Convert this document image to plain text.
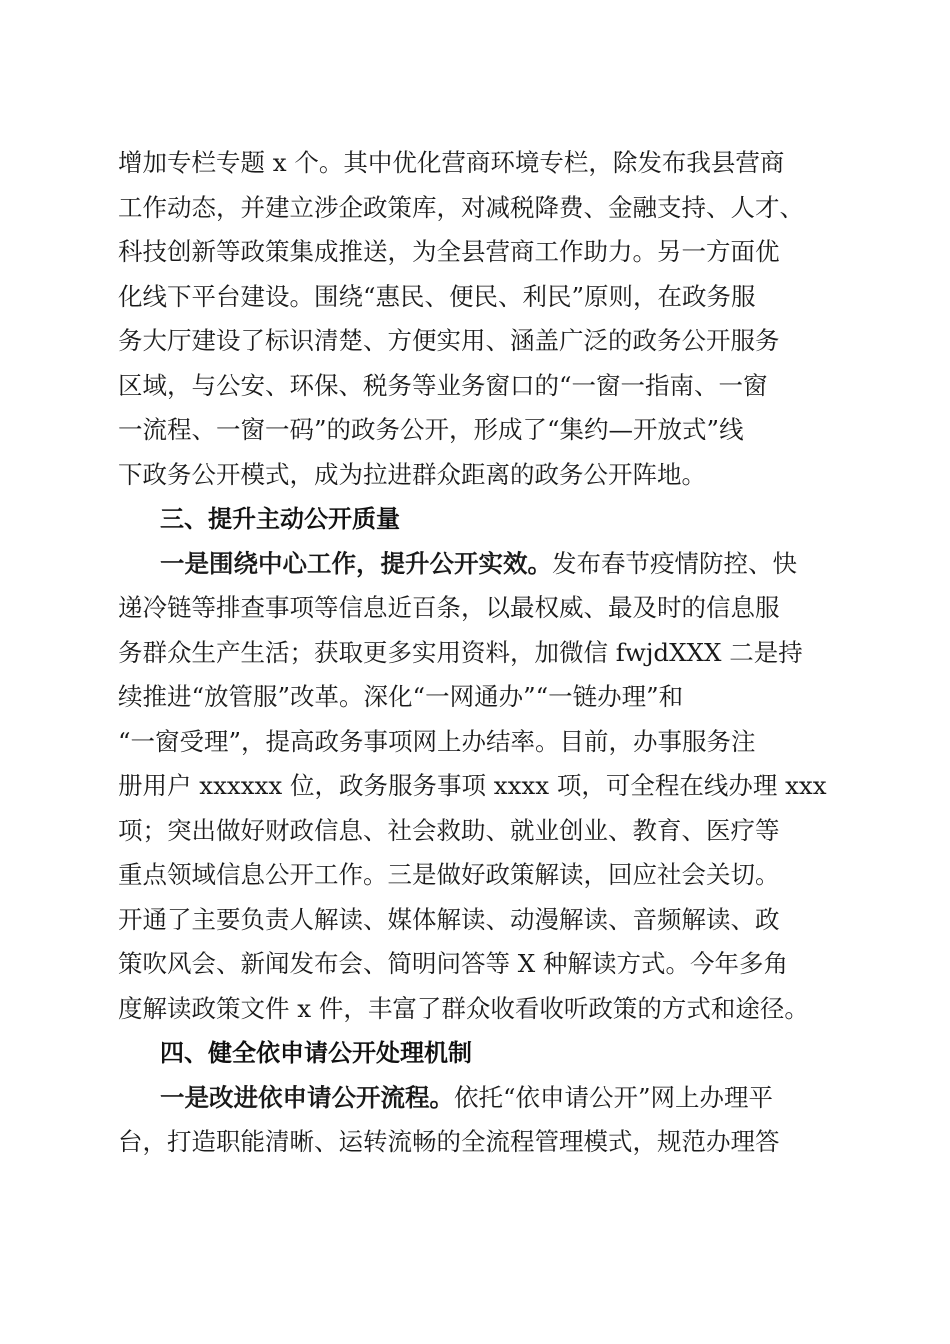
增加专栏专题 x 个。其中优化营商环境专栏，除发布我县营商
工作动态，并建立涉企政策库，对减税降费、金融支持、人才、
科技创新等政策集成推送，为全县营商工作助力。另一方面优
化线下平台建设。围绕“惠民、便民、利民”原则，在政务服
务大厅建设了标识清楚、方便实用、涵盖广泛的政务公开服务
区域，与公安、环保、税务等业务窗口的“一窗一指南、一窗
一流程、一窗一码”的政务公开，形成了“集约—开放式”线
下政务公开模式，成为拉进群众距离的政务公开阵地。
三、提升主动公开质量
一是围绕中心工作，提升公开实效。发布春节疫情防控、快
递冷链等排查事项等信息近百条，以最权威、最及时的信息服
务群众生产生活；获取更多实用资料，加微信 fwjdXXX 二是持
续推进“放管服”改革。深化“一网通办”“一链办理”和
“一窗受理”，提高政务事项网上办结率。目前，办事服务注
册用户 xxxxxx 位，政务服务事项 xxxx 项，可全程在线办理 xxx
项；突出做好财政信息、社会救助、就业创业、教育、医疗等
重点领域信息公开工作。三是做好政策解读，回应社会关切。
开通了主要负责人解读、媒体解读、动漫解读、音频解读、政
策吹风会、新闻发布会、简明问答等 X 种解读方式。今年多角
度解读政策文件 x 件，丰富了群众收看收听政策的方式和途径。
四、健全依申请公开处理机制
一是改进依申请公开流程。依托“依申请公开”网上办理平
台，打造职能清晰、运转流畅的全流程管理模式，规范办理答
